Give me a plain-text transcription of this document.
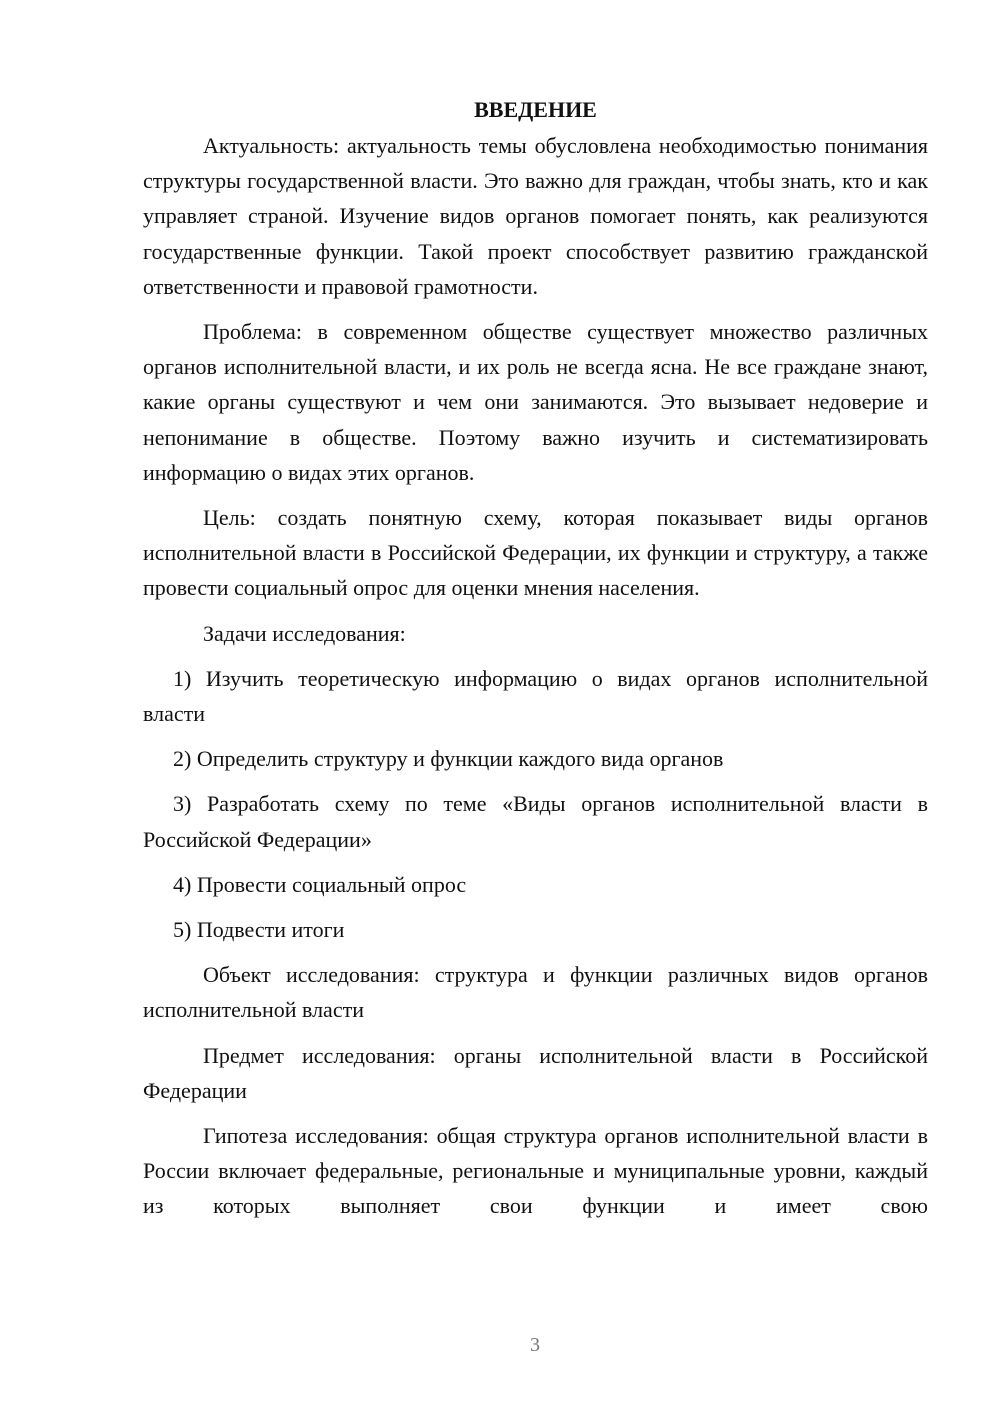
ВВЕДЕНИЕ

Актуальность: актуальность темы обусловлена необходимостью понимания структуры государственной власти. Это важно для граждан, чтобы знать, кто и как управляет страной. Изучение видов органов помогает понять, как реализуются государственные функции. Такой проект способствует развитию гражданской ответственности и правовой грамотности.

Проблема: в современном обществе существует множество различных органов исполнительной власти, и их роль не всегда ясна. Не все граждане знают, какие органы существуют и чем они занимаются. Это вызывает недоверие и непонимание в обществе. Поэтому важно изучить и систематизировать информацию о видах этих органов.

Цель: создать понятную схему, которая показывает виды органов исполнительной власти в Российской Федерации, их функции и структуру, а также провести социальный опрос для оценки мнения населения.

Задачи исследования:

1) Изучить теоретическую информацию о видах органов исполнительной власти

2) Определить структуру и функции каждого вида органов

3) Разработать схему по теме «Виды органов исполнительной власти в Российской Федерации»

4) Провести социальный опрос

5) Подвести итоги

Объект исследования: структура и функции различных видов органов исполнительной власти

Предмет исследования: органы исполнительной власти в Российской Федерации

Гипотеза исследования: общая структура органов исполнительной власти в России включает федеральные, региональные и муниципальные уровни, каждый из которых выполняет свои функции и имеет свою

3
